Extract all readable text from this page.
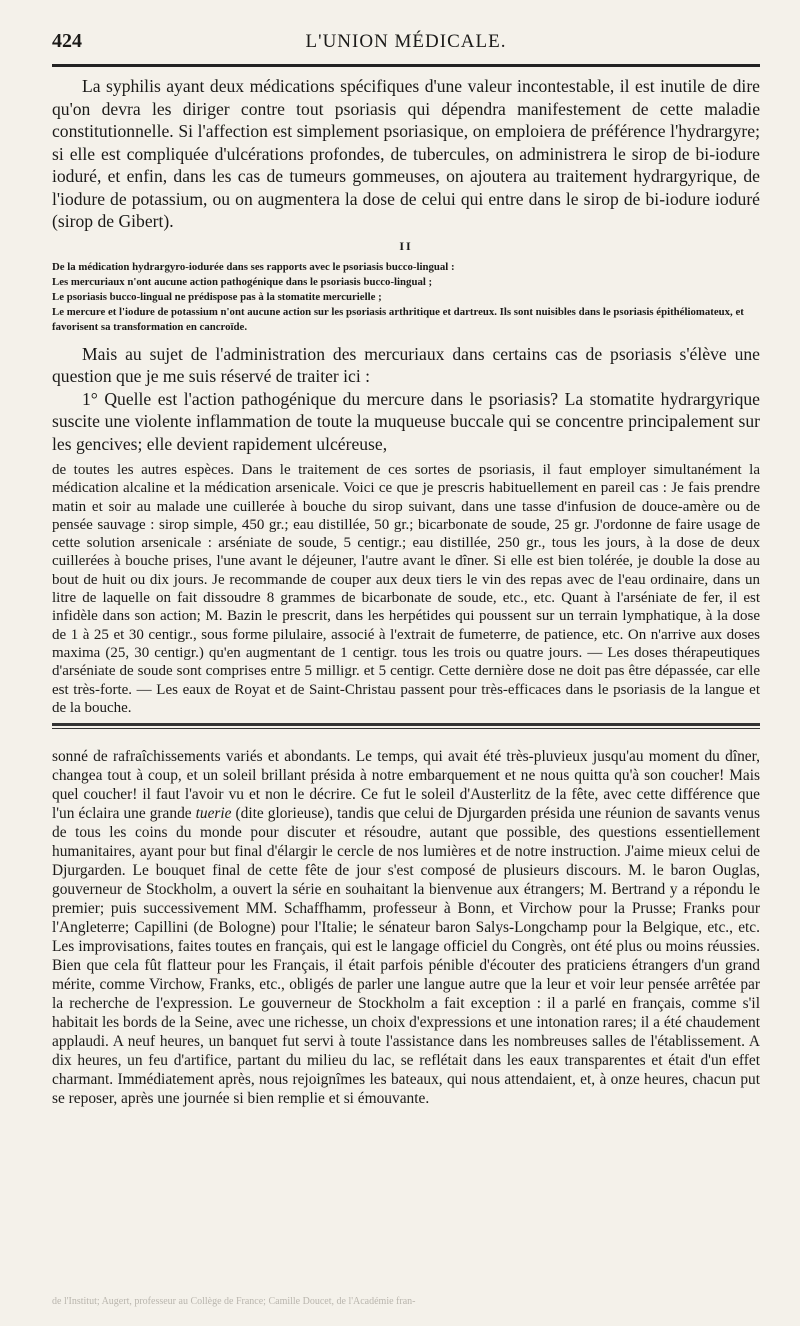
424	L'UNION MÉDICALE.

La syphilis ayant deux médications spécifiques d'une valeur incontestable, il est inutile de dire qu'on devra les diriger contre tout psoriasis qui dépendra manifestement de cette maladie constitutionnelle. Si l'affection est simplement psoriasique, on emploiera de préférence l'hydrargyre; si elle est compliquée d'ulcérations profondes, de tubercules, on administrera le sirop de bi-iodure ioduré, et enfin, dans les cas de tumeurs gommeuses, on ajoutera au traitement hydrargyrique, de l'iodure de potassium, ou on augmentera la dose de celui qui entre dans le sirop de bi-iodure ioduré (sirop de Gibert).

II
De la médication hydrargyro-iodurée dans ses rapports avec le psoriasis bucco-lingual :
Les mercuriaux n'ont aucune action pathogénique dans le psoriasis bucco-lingual ;
Le psoriasis bucco-lingual ne prédispose pas à la stomatite mercurielle ;
Le mercure et l'iodure de potassium n'ont aucune action sur les psoriasis arthritique et dartreux. Ils sont nuisibles dans le psoriasis épithéliomateux, et favorisent sa transformation en cancroïde.

Mais au sujet de l'administration des mercuriaux dans certains cas de psoriasis s'élève une question que je me suis réservé de traiter ici :

1° Quelle est l'action pathogénique du mercure dans le psoriasis? La stomatite hydrargyrique suscite une violente inflammation de toute la muqueuse buccale qui se concentre principalement sur les gencives; elle devient rapidement ulcéreuse,

de toutes les autres espèces. Dans le traitement de ces sortes de psoriasis, il faut employer simultanément la médication alcaline et la médication arsenicale. Voici ce que je prescris habituellement en pareil cas : Je fais prendre matin et soir au malade une cuillerée à bouche du sirop suivant, dans une tasse d'infusion de douce-amère ou de pensée sauvage : sirop simple, 450 gr.; eau distillée, 50 gr.; bicarbonate de soude, 25 gr. J'ordonne de faire usage de cette solution arsenicale : arséniate de soude, 5 centigr.; eau distillée, 250 gr., tous les jours, à la dose de deux cuillerées à bouche prises, l'une avant le déjeuner, l'autre avant le dîner. Si elle est bien tolérée, je double la dose au bout de huit ou dix jours. Je recommande de couper aux deux tiers le vin des repas avec de l'eau ordinaire, dans un litre de laquelle on fait dissoudre 8 grammes de bicarbonate de soude, etc., etc. Quant à l'arséniate de fer, il est infidèle dans son action; M. Bazin le prescrit, dans les herpétides qui poussent sur un terrain lymphatique, à la dose de 1 à 25 et 30 centigr., sous forme pilulaire, associé à l'extrait de fumeterre, de patience, etc. On n'arrive aux doses maxima (25, 30 centigr.) qu'en augmentant de 1 centigr. tous les trois ou quatre jours. — Les doses thérapeutiques d'arséniate de soude sont comprises entre 5 milligr. et 5 centigr. Cette dernière dose ne doit pas être dépassée, car elle est très-forte. — Les eaux de Royat et de Saint-Christau passent pour très-efficaces dans le psoriasis de la langue et de la bouche.

sonné de rafraîchissements variés et abondants. Le temps, qui avait été très-pluvieux jusqu'au moment du dîner, changea tout à coup, et un soleil brillant présida à notre embarquement et ne nous quitta qu'à son coucher! Mais quel coucher! il faut l'avoir vu et non le décrire. Ce fut le soleil d'Austerlitz de la fête, avec cette différence que l'un éclaira une grande tuerie (dite glorieuse), tandis que celui de Djurgarden présida une réunion de savants venus de tous les coins du monde pour discuter et résoudre, autant que possible, des questions essentiellement humanitaires, ayant pour but final d'élargir le cercle de nos lumières et de notre instruction. J'aime mieux celui de Djurgarden. Le bouquet final de cette fête de jour s'est composé de plusieurs discours. M. le baron Ouglas, gouverneur de Stockholm, a ouvert la série en souhaitant la bienvenue aux étrangers; M. Bertrand y a répondu le premier; puis successivement MM. Schaffhamm, professeur à Bonn, et Virchow pour la Prusse; Franks pour l'Angleterre; Capillini (de Bologne) pour l'Italie; le sénateur baron Salys-Longchamp pour la Belgique, etc., etc. Les improvisations, faites toutes en français, qui est le langage officiel du Congrès, ont été plus ou moins réussies. Bien que cela fût flatteur pour les Français, il était parfois pénible d'écouter des praticiens étrangers d'un grand mérite, comme Virchow, Franks, etc., obligés de parler une langue autre que la leur et voir leur pensée arrêtée par la recherche de l'expression. Le gouverneur de Stockholm a fait exception : il a parlé en français, comme s'il habitait les bords de la Seine, avec une richesse, un choix d'expressions et une intonation rares; il a été chaudement applaudi. A neuf heures, un banquet fut servi à toute l'assistance dans les nombreuses salles de l'établissement. A dix heures, un feu d'artifice, partant du milieu du lac, se reflétait dans les eaux transparentes et était d'un effet charmant. Immédiatement après, nous rejoignîmes les bateaux, qui nous attendaient, et, à onze heures, chacun put se reposer, après une journée si bien remplie et si émouvante.

de l'Institut; Augert, professeur au Collège de France; Camille Doucet, de l'Académie fran-
